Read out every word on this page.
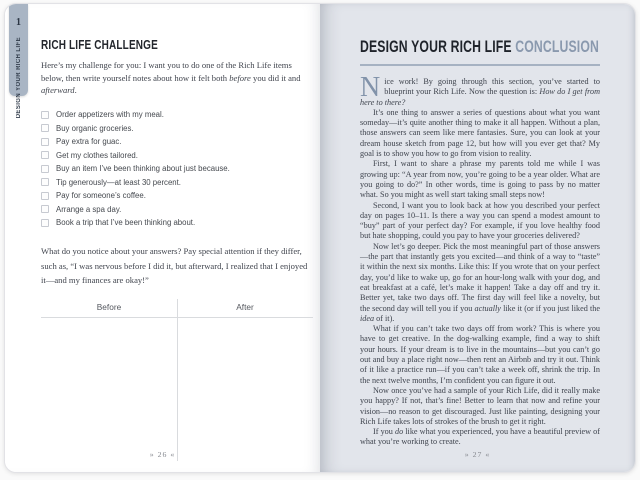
1
DESIGN YOUR RICH LIFE RICH LIFE CHALLENGE

Here’s my challenge for you: I want you to do one of the Rich Life items below, then write yourself notes about how it felt both before you did it and afterward.

Order appetizers with my meal.
Buy organic groceries.
Pay extra for guac.
Get my clothes tailored.
Buy an item I’ve been thinking about just because.
Tip generously—at least 30 percent.
Pay for someone’s coffee.
Arrange a spa day.
Book a trip that I’ve been thinking about.

What do you notice about your answers? Pay special attention if they differ, such as, “I was nervous before I did it, but afterward, I realized that I enjoyed it—and my finances are okay!”

Before	After
» 26 «
DESIGN YOUR RICH LIFE CONCLUSION

Nice work! By going through this section, you’ve started to blueprint your Rich Life. Now the question is: How do I get from here to there?

It’s one thing to answer a series of questions about what you want someday—it’s quite another thing to make it all happen. Without a plan, those answers can seem like mere fantasies. Sure, you can look at your dream house sketch from page 12, but how will you ever get that? My goal is to show you how to go from vision to reality.

First, I want to share a phrase my parents told me while I was growing up: “A year from now, you’re going to be a year older. What are you going to do?” In other words, time is going to pass by no matter what. So you might as well start taking small steps now!

Second, I want you to look back at how you described your perfect day on pages 10–11. Is there a way you can spend a modest amount to “buy” part of your perfect day? For example, if you love healthy food but hate shopping, could you pay to have your groceries delivered?

Now let’s go deeper. Pick the most meaningful part of those answers—the part that instantly gets you excited—and think of a way to “taste” it within the next six months. Like this: If you wrote that on your perfect day, you’d like to wake up, go for an hour-long walk with your dog, and eat breakfast at a café, let’s make it happen! Take a day off and try it. Better yet, take two days off. The first day will feel like a novelty, but the second day will tell you if you actually like it (or if you just liked the idea of it).

What if you can’t take two days off from work? This is where you have to get creative. In the dog-walking example, find a way to shift your hours. If your dream is to live in the mountains—but you can’t go out and buy a place right now—then rent an Airbnb and try it out. Think of it like a practice run—if you can’t take a week off, shrink the trip. In the next twelve months, I’m confident you can figure it out.

Now once you’ve had a sample of your Rich Life, did it really make you happy? If not, that’s fine! Better to learn that now and refine your vision—no reason to get discouraged. Just like painting, designing your Rich Life takes lots of strokes of the brush to get it right.

If you do like what you experienced, you have a beautiful preview of what you’re working to create.

» 27 «
